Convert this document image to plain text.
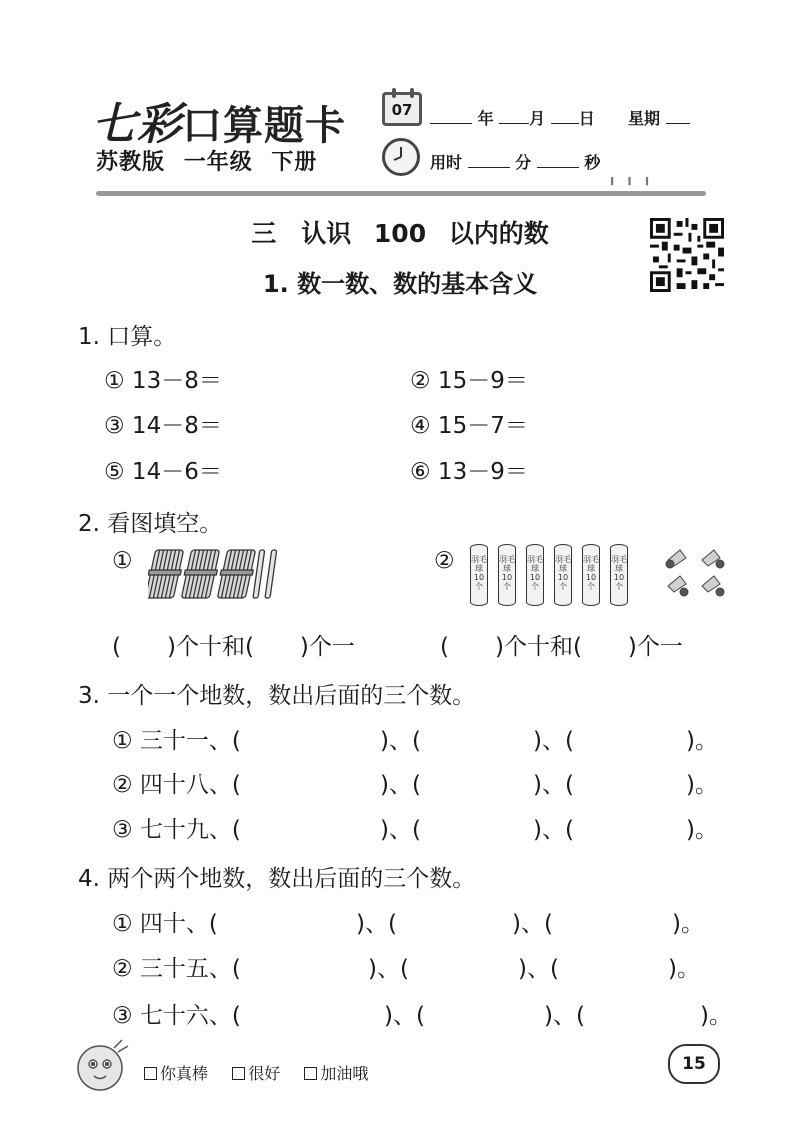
七彩口算题卡
苏教版 一年级 下册
07	年 月 日 星期
用时	分	秒
╹╹╹
三　认识 100 以内的数
1. 数一数、数的基本含义
1. 口算。
① 13－8＝	② 15－9＝
③ 14－8＝	④ 15－7＝
⑤ 14－6＝	⑥ 13－9＝
2. 看图填空。
①	② 羽毛球10个
羽毛球10个
羽毛球10个
羽毛球10个
羽毛球10个
羽毛球10个
(　　)个十和(　　)个一	(　　)个十和(　　)个一
3. 一个一个地数，数出后面的三个数。
① 三十一、(	)、(	)、(	)。
② 四十八、(	)、(	)、(	)。
③ 七十九、(	)、(	)、(	)。
4. 两个两个地数，数出后面的三个数。
① 四十、(	)、(	)、(	)。
② 三十五、(	)、(	)、(	)。
③ 七十六、(	)、(	)、(	)。
你真棒	很好	加油哦	15
